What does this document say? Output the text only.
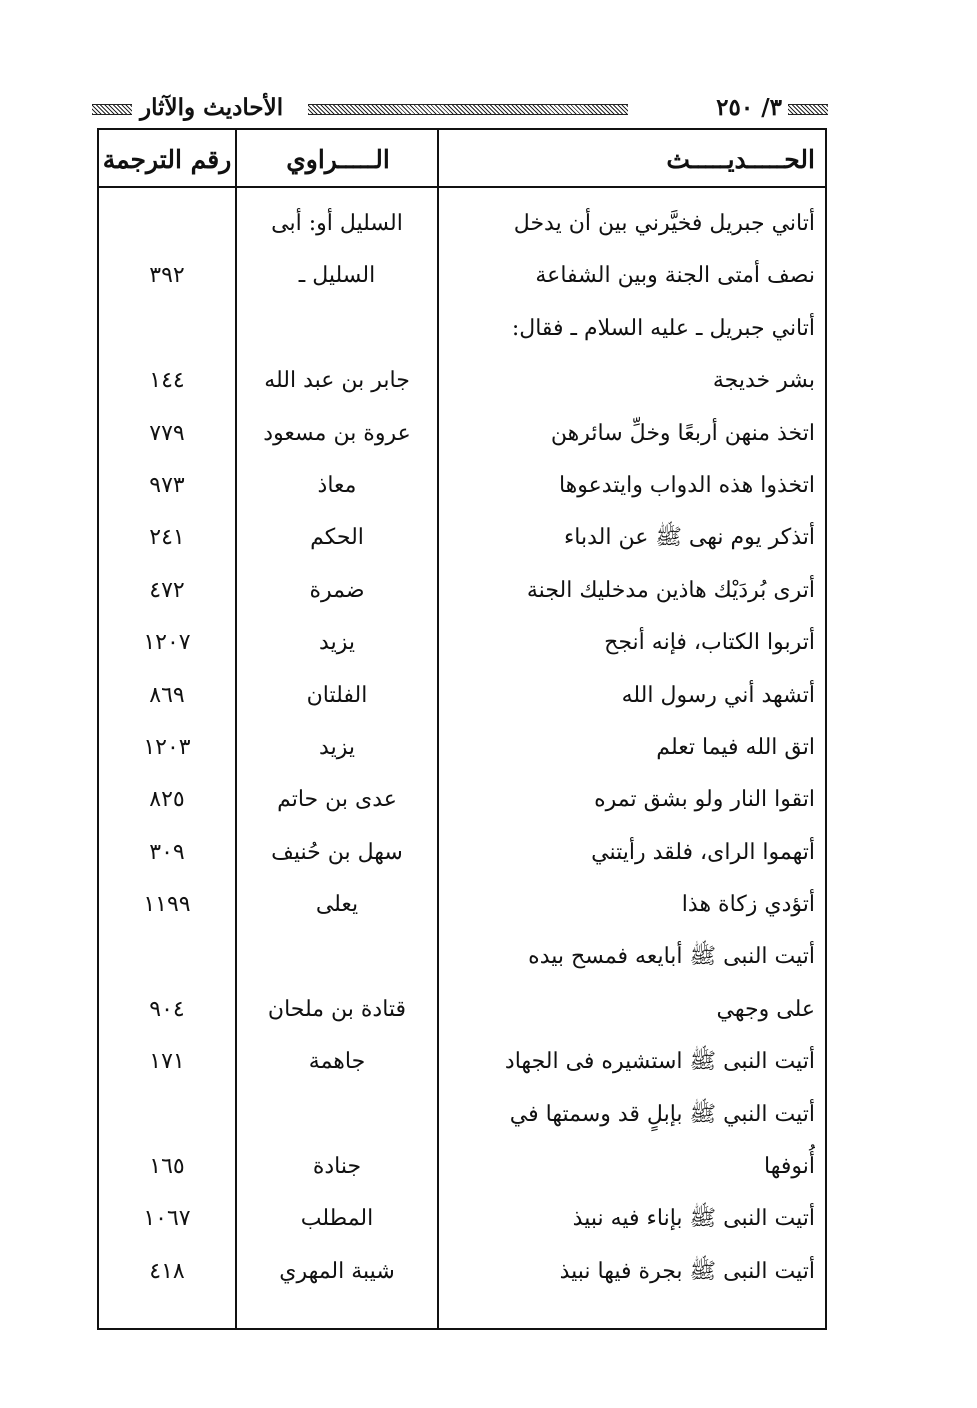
٣/ ٢٥٠
الأحاديث والآثار
الحـــــديـــــث
الـــــراوي
رقم الترجمة
أتاني جبريل فخيَّرني بين أن يدخل
السليل أو: أبى
نصف أمتى الجنة وبين الشفاعة
السليل ـ
٣٩٢
أتاني جبريل ـ عليه السلام ـ فقال:
بشر خديجة
جابر بن عبد الله
١٤٤
اتخذ منهن أربعًا وخلِّ سائرهن
عروة بن مسعود
٧٧٩
اتخذوا هذه الدواب وايتدعوها
معاذ
٩٧٣
أتذكر يوم نهى ﷺ عن الدباء
الحكم
٢٤١
أترى بُردَيْك هاذين مدخليك الجنة
ضمرة
٤٧٢
أتربوا الكتاب، فإنه أنجح
يزيد
١٢٠٧
أتشهد أني رسول الله
الفلتان
٨٦٩
اتق الله فيما تعلم
يزيد
١٢٠٣
اتقوا النار ولو بشق تمره
عدى بن حاتم
٨٢٥
أتهموا الراى، فلقد رأيتني
سهل بن حُنيف
٣٠٩
أتؤدي زكاة هذا
يعلى
١١٩٩
أتيت النبى ﷺ أبايعه فمسح بيده
على وجهي
قتادة بن ملحان
٩٠٤
أتيت النبى ﷺ استشيره فى الجهاد
جاهمة
١٧١
أتيت النبي ﷺ بإبلٍ قد وسمتها في
أُنوفها
جنادة
١٦٥
أتيت النبى ﷺ بإناء فيه نبيذ
المطلب
١٠٦٧
أتيت النبى ﷺ بجرة فيها نبيذ
شيبة المهري
٤١٨
